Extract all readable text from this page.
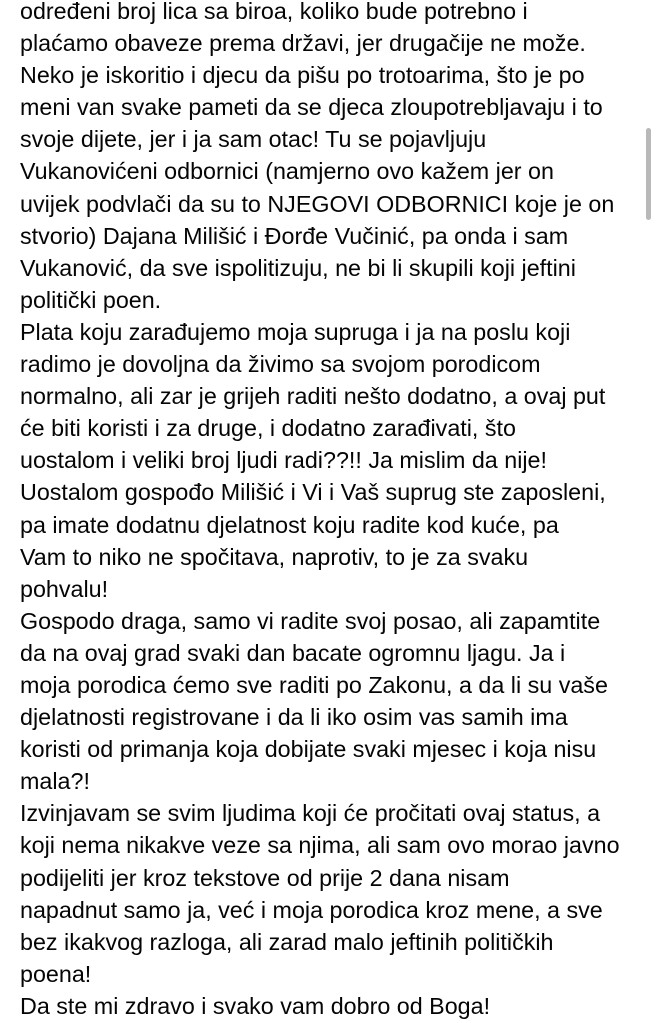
određeni broj lica sa biroa, koliko bude potrebno i
plaćamo obaveze prema državi, jer drugačije ne može.
Neko je iskoritio i djecu da pišu po trotoarima, što je po
meni van svake pameti da se djeca zloupotrebljavaju i to
svoje dijete, jer i ja sam otac! Tu se pojavljuju
Vukanovićeni odbornici (namjerno ovo kažem jer on
uvijek podvlači da su to NJEGOVI ODBORNICI koje je on
stvorio) Dajana Milišić i Đorđe Vučinić, pa onda i sam
Vukanović, da sve ispolitizuju, ne bi li skupili koji jeftini
politički poen.
Plata koju zarađujemo moja supruga i ja na poslu koji
radimo je dovoljna da živimo sa svojom porodicom
normalno, ali zar je grijeh raditi nešto dodatno, a ovaj put
će biti koristi i za druge, i dodatno zarađivati, što
uostalom i veliki broj ljudi radi??!! Ja mislim da nije!
Uostalom gospođo Milišić i Vi i Vaš suprug ste zaposleni,
pa imate dodatnu djelatnost koju radite kod kuće, pa
Vam to niko ne spočitava, naprotiv, to je za svaku
pohvalu!
Gospodo draga, samo vi radite svoj posao, ali zapamtite
da na ovaj grad svaki dan bacate ogromnu ljagu. Ja i
moja porodica ćemo sve raditi po Zakonu, a da li su vaše
djelatnosti registrovane i da li iko osim vas samih ima
koristi od primanja koja dobijate svaki mjesec i koja nisu
mala?!
Izvinjavam se svim ljudima koji će pročitati ovaj status, a
koji nema nikakve veze sa njima, ali sam ovo morao javno
podijeliti jer kroz tekstove od prije 2 dana nisam
napadnut samo ja, već i moja porodica kroz mene, a sve
bez ikakvog razloga, ali zarad malo jeftinih političkih
poena!
Da ste mi zdravo i svako vam dobro od Boga!
